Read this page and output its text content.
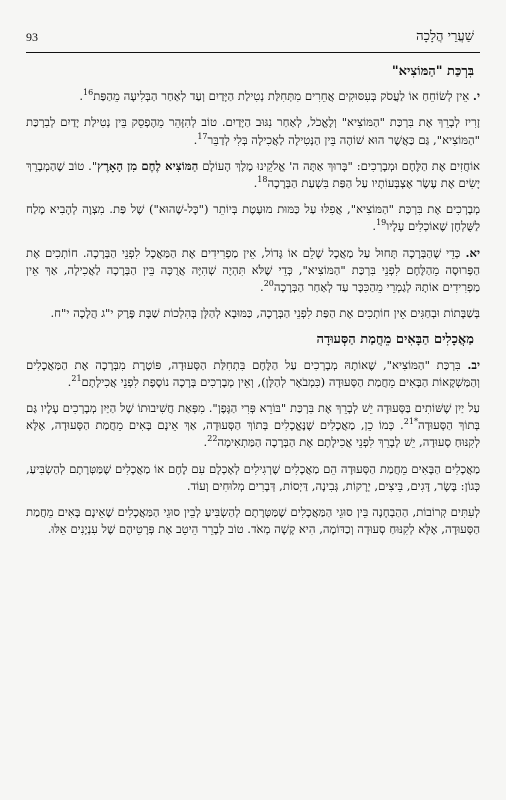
93	שַׁעֲרֵי הֲלָכָה
בִּרְכַּת "הַמּוֹצִיא"

י. אֵין לְשׂוֹחֵחַ אוֹ לַעֲסֹק בְּעִסּוּקִים אֲחֵרִים מִתְּחִלַּת נְטִילַת הַיָּדַיִם וְעַד לְאַחַר הַבְּלִיעָה מֵהַפַּת$^{16}$.

זָרִיז לְבָרֵךְ אֶת בִּרְכַּת "הַמּוֹצִיא" וְלֶאֱכֹל, לְאַחַר נִגּוּב הַיָּדַיִם. טוֹב לְהִזָּהֵר מֵהֶפְסֵק בֵּין נְטִילַת יָדַיִם לְבִרְכַּת "הַמּוֹצִיא", גַּם כַּאֲשֶׁר הוּא שׁוֹהֶה בֵּין הַנְּטִילָה לַאֲכִילָה בְּלִי לְדַבֵּר$^{17}$.

אוֹחֲזִים אֶת הַלֶּחֶם וּמְבָרְכִים: "בָּרוּךְ אַתָּה ה' אֱלֹקֵינוּ מֶלֶךְ הָעוֹלָם הַמּוֹצִיא לֶחֶם מִן הָאָרֶץ". טוֹב שֶׁהַמְבָרֵךְ יָשִׂים אֶת עֶשֶׂר אֶצְבְּעוֹתָיו עַל הַפַּת בִּשְׁעַת הַבְּרָכָה$^{18}$.

מְבָרְכִים אֶת בִּרְכַּת "הַמּוֹצִיא", אֲפִלּוּ עַל כַּמּוּת מוּעֶטֶת בְּיוֹתֵר ("כָּל-שֶׁהוּא") שֶׁל פַּת. מִצְוָה לְהָבִיא מֶלַח לַשֻּׁלְחָן שֶׁאוֹכְלִים עָלָיו$^{19}$.

יא. כְּדֵי שֶׁהַבְּרָכָה תָּחוּל עַל מַאֲכָל שָׁלֵם אוֹ גָּדוֹל, אֵין מַפְרִידִים אֶת הַמַּאֲכָל לִפְנֵי הַבְּרָכָה. חוֹתְכִים אֶת הַפְּרוּסָה מֵהַלֶּחֶם לִפְנֵי בִּרְכַּת "הַמּוֹצִיא", כְּדֵי שֶׁלֹּא תִּהְיֶה שְׁהִיָּה אֲרֻכָּה בֵּין הַבְּרָכָה לַאֲכִילָה, אַךְ אֵין מַפְרִידִים אוֹתָהּ לְגַמְרֵי מֵהַכִּכָּר עַד לְאַחַר הַבְּרָכָה$^{20}$.

בְּשַׁבָּתוֹת וּבְחַגִּים אֵין חוֹתְכִים אֶת הַפַּת לִפְנֵי הַבְּרָכָה, כַּמּוּבָא לְהַלָּן בְּהִלְכוֹת שַׁבָּת פֶּרֶק י"ג הֲלָכָה י"ח.

מַאֲכָלִים הַבָּאִים מֵחֲמַת הַסְּעוּדָה

יב. בִּרְכַּת "הַמּוֹצִיא", שֶׁאוֹתָהּ מְבָרְכִים עַל הַלֶּחֶם בִּתְחִלַּת הַסְּעוּדָה, פּוֹטֶרֶת מִבְּרָכָה אֶת הַמַּאֲכָלִים וְהַמַּשְׁקָאוֹת הַבָּאִים מֵחֲמַת הַסְּעוּדָה (כִּמְבֹאָר לְהַלָּן), וְאֵין מְבָרְכִים בְּרָכָה נוֹסֶפֶת לִפְנֵי אֲכִילָתָם$^{21}$.

עַל יַיִן שֶׁשּׁוֹתִים בַּסְּעוּדָה יֵשׁ לְבָרֵךְ אֶת בִּרְכַּת "בּוֹרֵא פְּרִי הַגָּפֶן". מִפְּאַת חֲשִׁיבוּתוֹ שֶׁל הַיַּיִן מְבָרְכִים עָלָיו גַּם בְּתוֹךְ הַסְּעוּדָה$^{*21}$. כְּמוֹ כֵן, מַאֲכָלִים שֶׁנֶּאֱכָלִים בְּתוֹךְ הַסְּעוּדָה, אַךְ אֵינָם בָּאִים מֵחֲמַת הַסְּעוּדָה, אֶלָּא לְקִנּוּחַ סְעוּדָה, יֵשׁ לְבָרֵךְ לִפְנֵי אֲכִילָתָם אֶת הַבְּרָכָה הַמַּתְאִימָה$^{22}$.

מַאֲכָלִים הַבָּאִים מֵחֲמַת הַסְּעוּדָה הֵם מַאֲכָלִים שֶׁרְגִילִים לְאָכְלָם עִם לֶחֶם אוֹ מַאֲכָלִים שֶׁמַּטְּרָתָם לְהַשְׂבִּיעַ, כְּגוֹן: בָּשָׂר, דָּגִים, בֵּיצִים, יְרָקוֹת, גְּבִינָה, דַּיְסוֹת, דְּבָרִים מְלוּחִים וְעוֹד.

לְעִתִּים קְרוֹבוֹת, הַהַבְחָנָה בֵּין סוּגֵי הַמַּאֲכָלִים שֶׁמַּטְּרָתָם לְהַשְׂבִּיעַ לְבֵין סוּגֵי הַמַּאֲכָלִים שֶׁאֵינָם בָּאִים מֵחֲמַת הַסְּעוּדָה, אֶלָּא לְקִנּוּחַ סְעוּדָה וְכַדּוֹמֶה, הִיא קָשָׁה מְאֹד. טוֹב לְבָרֵר הֵיטֵב אֶת פְּרָטֵיהֶם שֶׁל עִנְיָנִים אֵלּוּ.
